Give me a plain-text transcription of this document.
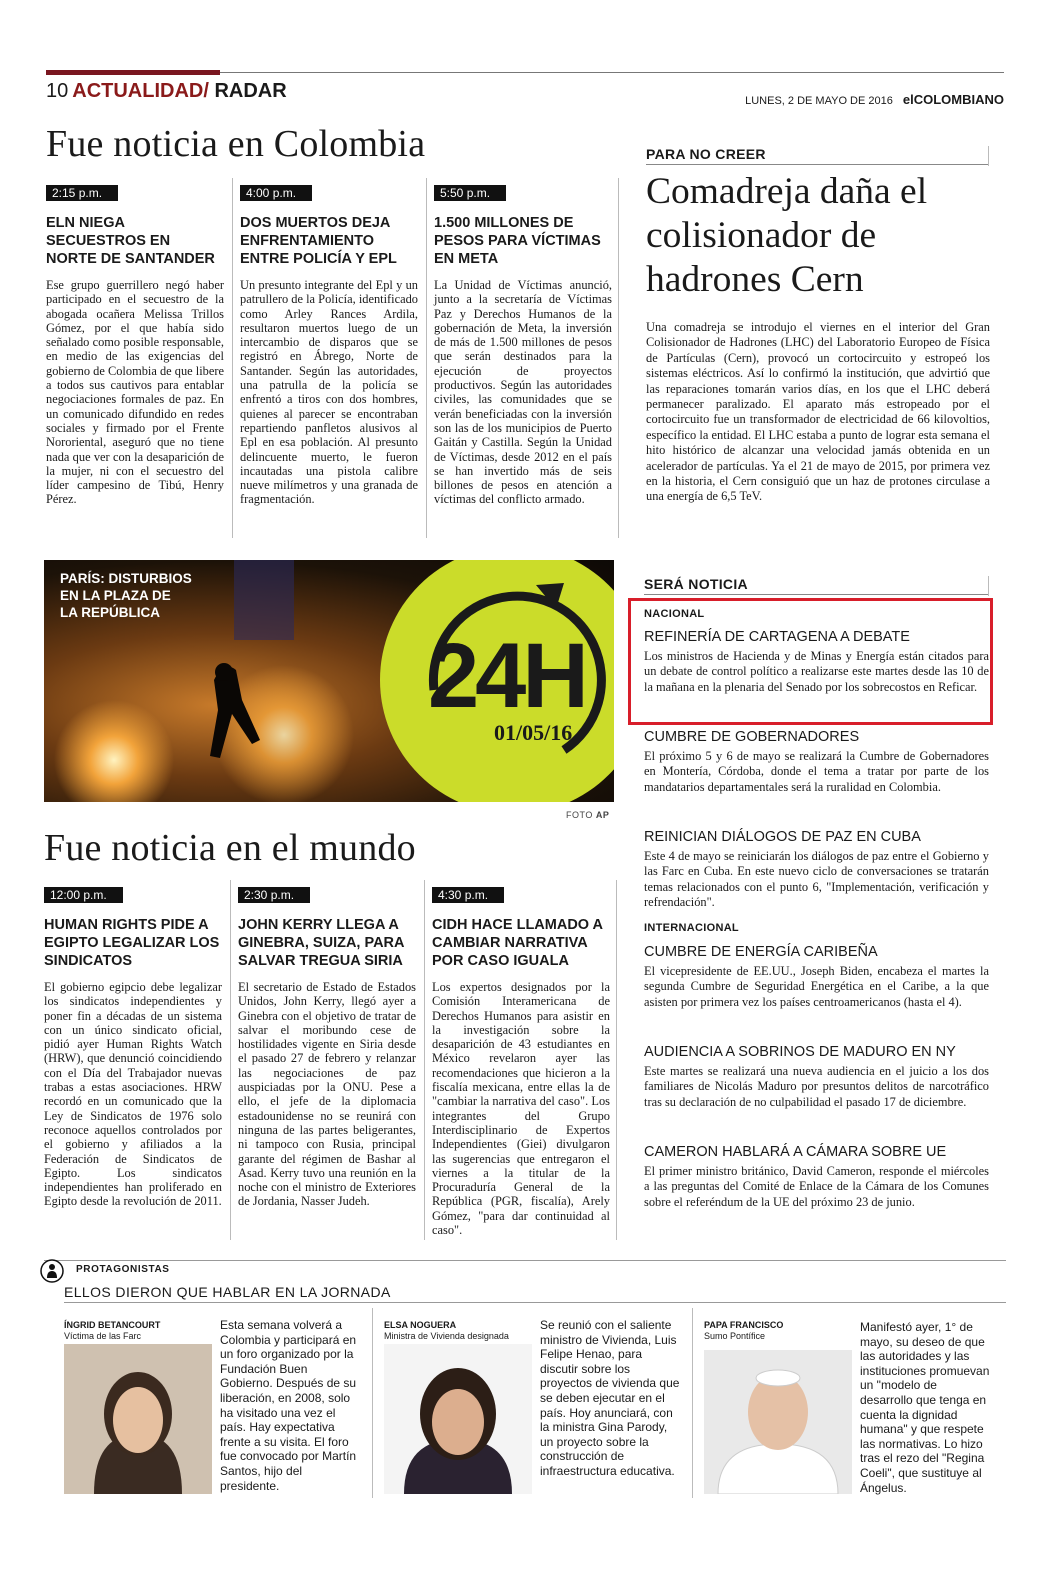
10 ACTUALIDAD/ RADAR	LUNES, 2 DE MAYO DE 2016 elCOLOMBIANO
Fue noticia en Colombia
2:15 p.m.
ELN NIEGA SECUESTROS EN NORTE DE SANTANDER

Ese grupo guerrillero negó haber participado en el secuestro de la abogada ocañera Melissa Trillos Gómez, por el que había sido señalado como posible responsable, en medio de las exigencias del gobierno de Colombia de que libere a todos sus cautivos para entablar negociaciones formales de paz. En un comunicado difundido en redes sociales y firmado por el Frente Nororiental, aseguró que no tiene nada que ver con la desaparición de la mujer, ni con el secuestro del líder campesino de Tibú, Henry Pérez.

4:00 p.m.
DOS MUERTOS DEJA ENFRENTAMIENTO ENTRE POLICÍA Y EPL

Un presunto integrante del Epl y un patrullero de la Policía, identificado como Arley Rances Ardila, resultaron muertos luego de un intercambio de disparos que se registró en Ábrego, Norte de Santander. Según las autoridades, una patrulla de la policía se enfrentó a tiros con dos hombres, quienes al parecer se encontraban repartiendo panfletos alusivos al Epl en esa población. Al presunto delincuente muerto, le fueron incautadas una pistola calibre nueve milímetros y una granada de fragmentación.

5:50 p.m.
1.500 MILLONES DE PESOS PARA VÍCTIMAS EN META

La Unidad de Víctimas anunció, junto a la secretaría de Víctimas Paz y Derechos Humanos de la gobernación de Meta, la inversión de más de 1.500 millones de pesos que serán destinados para la ejecución de proyectos productivos. Según las autoridades civiles, las comunidades que se verán beneficiadas con la inversión son las de los municipios de Puerto Gaitán y Castilla. Según la Unidad de Víctimas, desde 2012 en el país se han invertido más de seis billones de pesos en atención a víctimas del conflicto armado.

PARA NO CREER
Comadreja daña el colisionador de hadrones Cern

Una comadreja se introdujo el viernes en el interior del Gran Colisionador de Hadrones (LHC) del Laboratorio Europeo de Física de Partículas (Cern), provocó un cortocircuito y estropeó los sistemas eléctricos. Así lo confirmó la institución, que advirtió que las reparaciones tomarán varios días, en los que el LHC deberá permanecer paralizado. El aparato más estropeado por el cortocircuito fue un transformador de electricidad de 66 kilovoltios, específico la entidad. El LHC estaba a punto de lograr esta semana el hito histórico de alcanzar una velocidad jamás obtenida en un acelerador de partículas. Ya el 21 de mayo de 2015, por primera vez en la historia, el Cern consiguió que un haz de protones circulase a una energía de 6,5 TeV.

24H
01/05/16
PARÍS: DISTURBIOS
EN LA PLAZA DE
LA REPÚBLICA
FOTO AP
SERÁ NOTICIA
NACIONAL
REFINERÍA DE CARTAGENA A DEBATE

Los ministros de Hacienda y de Minas y Energía están citados para un debate de control político a realizarse este martes desde las 10 de la mañana en la plenaria del Senado por los sobrecostos en Reficar.

CUMBRE DE GOBERNADORES

El próximo 5 y 6 de mayo se realizará la Cumbre de Gobernadores en Montería, Córdoba, donde el tema a tratar por parte de los mandatarios departamentales será la ruralidad en Colombia.

REINICIAN DIÁLOGOS DE PAZ EN CUBA

Este 4 de mayo se reiniciarán los diálogos de paz entre el Gobierno y las Farc en Cuba. En este nuevo ciclo de conversaciones se tratarán temas relacionados con el punto 6, "Implementación, verificación y refrendación".

INTERNACIONAL
CUMBRE DE ENERGÍA CARIBEÑA

El vicepresidente de EE.UU., Joseph Biden, encabeza el martes la segunda Cumbre de Seguridad Energética en el Caribe, a la que asisten por primera vez los países centroamericanos (hasta el 4).

AUDIENCIA A SOBRINOS DE MADURO EN NY

Este martes se realizará una nueva audiencia en el juicio a los dos familiares de Nicolás Maduro por presuntos delitos de narcotráfico tras su declaración de no culpabilidad el pasado 17 de diciembre.

CAMERON HABLARÁ A CÁMARA SOBRE UE

El primer ministro británico, David Cameron, responde el miércoles a las preguntas del Comité de Enlace de la Cámara de los Comunes sobre el referéndum de la UE del próximo 23 de junio.

Fue noticia en el mundo
12:00 p.m.
HUMAN RIGHTS PIDE A EGIPTO LEGALIZAR LOS SINDICATOS

El gobierno egipcio debe legalizar los sindicatos independientes y poner fin a décadas de un sistema con un único sindicato oficial, pidió ayer Human Rights Watch (HRW), que denunció coincidiendo con el Día del Trabajador nuevas trabas a estas asociaciones. HRW recordó en un comunicado que la Ley de Sindicatos de 1976 solo reconoce aquellos controlados por el gobierno y afiliados a la Federación de Sindicatos de Egipto. Los sindicatos independientes han proliferado en Egipto desde la revolución de 2011.

2:30 p.m.
JOHN KERRY LLEGA A GINEBRA, SUIZA, PARA SALVAR TREGUA SIRIA

El secretario de Estado de Estados Unidos, John Kerry, llegó ayer a Ginebra con el objetivo de tratar de salvar el moribundo cese de hostilidades vigente en Siria desde el pasado 27 de febrero y relanzar las negociaciones de paz auspiciadas por la ONU. Pese a ello, el jefe de la diplomacia estadounidense no se reunirá con ninguna de las partes beligerantes, ni tampoco con Rusia, principal garante del régimen de Bashar al Asad. Kerry tuvo una reunión en la noche con el ministro de Exteriores de Jordania, Nasser Judeh.

4:30 p.m.
CIDH HACE LLAMADO A CAMBIAR NARRATIVA POR CASO IGUALA

Los expertos designados por la Comisión Interamericana de Derechos Humanos para asistir en la investigación sobre la desaparición de 43 estudiantes en México revelaron ayer las recomendaciones que hicieron a la fiscalía mexicana, entre ellas la de "cambiar la narrativa del caso". Los integrantes del Grupo Interdisciplinario de Expertos Independientes (Giei) divulgaron las sugerencias que entregaron el viernes a la titular de la Procuraduría General de la República (PGR, fiscalía), Arely Gómez, "para dar continuidad al caso".

PROTAGONISTAS
ELLOS DIERON QUE HABLAR EN LA JORNADA
ÍNGRID BETANCOURT
Víctima de las Farc

Esta semana volverá a Colombia y participará en un foro organizado por la Fundación Buen Gobierno. Después de su liberación, en 2008, solo ha visitado una vez el país. Hay expectativa frente a su visita. El foro fue convocado por Martín Santos, hijo del presidente.

ELSA NOGUERA
Ministra de Vivienda designada

Se reunió con el saliente ministro de Vivienda, Luis Felipe Henao, para discutir sobre los proyectos de vivienda que se deben ejecutar en el país. Hoy anunciará, con la ministra Gina Parody, un proyecto sobre la construcción de infraestructura educativa.

PAPA FRANCISCO
Sumo Pontífice

Manifestó ayer, 1° de mayo, su deseo de que las autoridades y las instituciones promuevan un "modelo de desarrollo que tenga en cuenta la dignidad humana" y que respete las normativas. Lo hizo tras el rezo del "Regina Coeli", que sustituye al Ángelus.
